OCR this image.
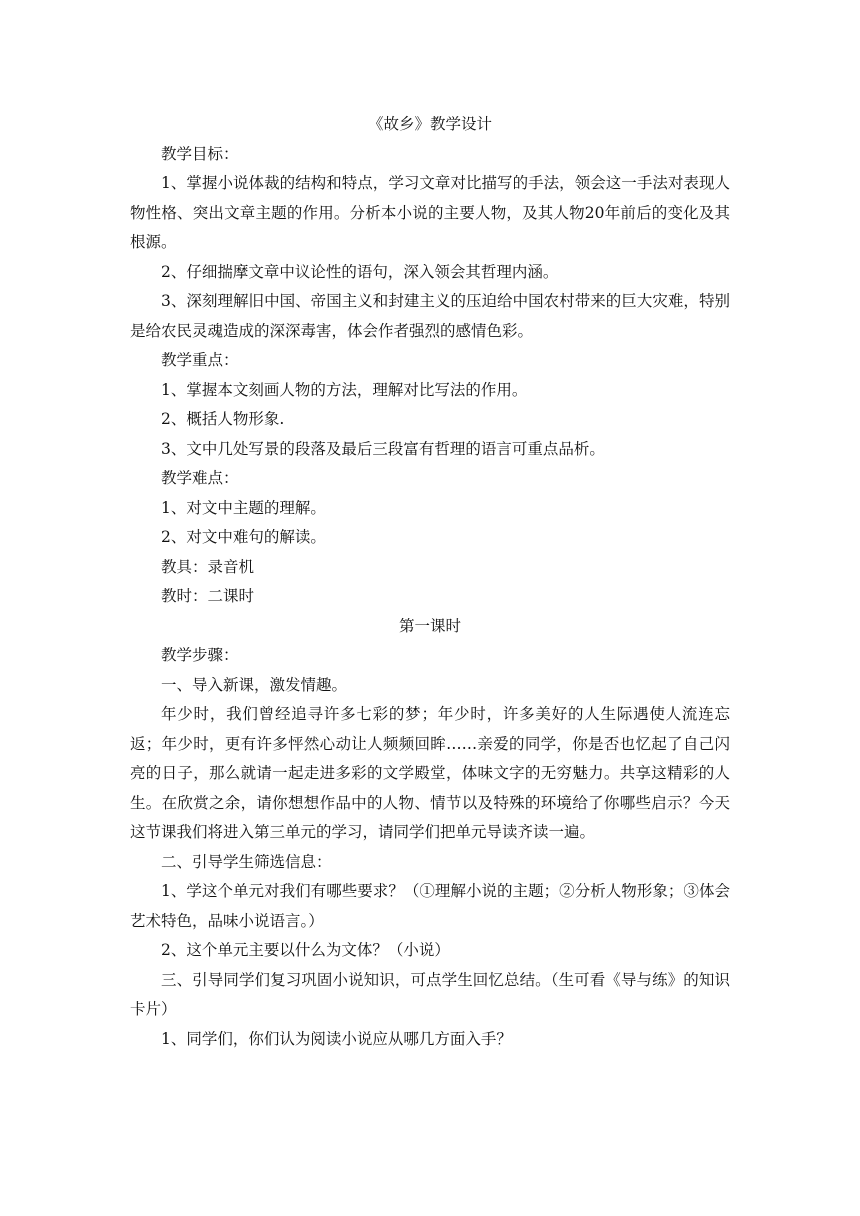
《故乡》教学设计

教学目标：

1、掌握小说体裁的结构和特点，学习文章对比描写的手法，领会这一手法对表现人物性格、突出文章主题的作用。分析本小说的主要人物，及其人物20年前后的变化及其根源。

2、仔细揣摩文章中议论性的语句，深入领会其哲理内涵。

3、深刻理解旧中国、帝国主义和封建主义的压迫给中国农村带来的巨大灾难，特别是给农民灵魂造成的深深毒害，体会作者强烈的感情色彩。

教学重点：

1、掌握本文刻画人物的方法，理解对比写法的作用。

2、概括人物形象.

3、文中几处写景的段落及最后三段富有哲理的语言可重点品析。

教学难点：

1、对文中主题的理解。

2、对文中难句的解读。

教具：录音机

教时：二课时

第一课时

教学步骤：

一、导入新课，激发情趣。

年少时，我们曾经追寻许多七彩的梦；年少时，许多美好的人生际遇使人流连忘返；年少时，更有许多怦然心动让人频频回眸……亲爱的同学，你是否也忆起了自己闪亮的日子，那么就请一起走进多彩的文学殿堂，体味文字的无穷魅力。共享这精彩的人生。在欣赏之余，请你想想作品中的人物、情节以及特殊的环境给了你哪些启示？今天这节课我们将进入第三单元的学习，请同学们把单元导读齐读一遍。

二、引导学生筛选信息：

1、学这个单元对我们有哪些要求？（①理解小说的主题；②分析人物形象；③体会艺术特色，品味小说语言。）

2、这个单元主要以什么为文体？（小说）

三、引导同学们复习巩固小说知识，可点学生回忆总结。（生可看《导与练》的知识卡片）

1、同学们，你们认为阅读小说应从哪几方面入手？
